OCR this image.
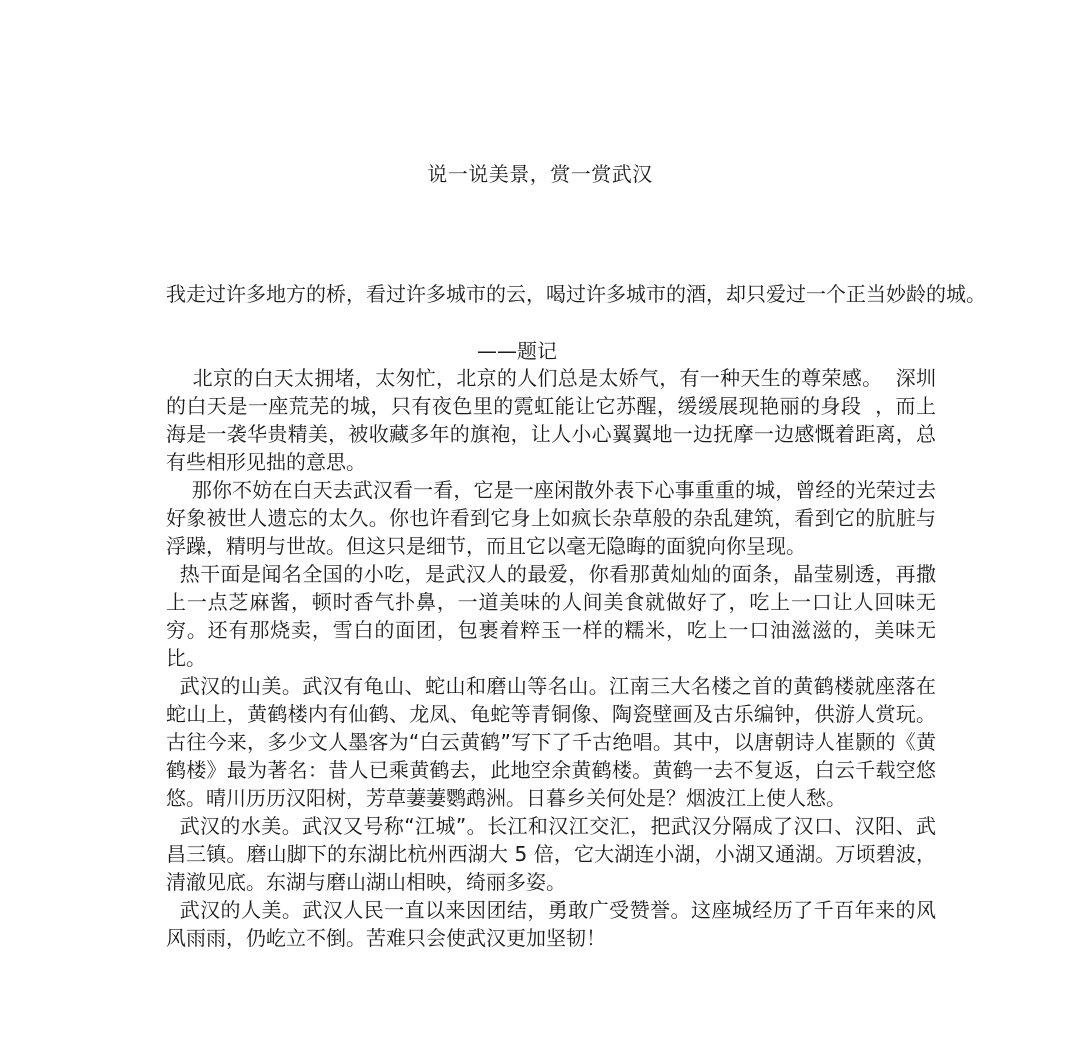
说一说美景，赏一赏武汉
我走过许多地方的桥，看过许多城市的云，喝过许多城市的酒，却只爱过一个正当妙龄的城。
——题记

北京的白天太拥堵，太匆忙，北京的人们总是太娇气，有一种天生的尊荣感。  深圳的白天是一座荒芜的城，只有夜色里的霓虹能让它苏醒，缓缓展现艳丽的身段  ，而上海是一袭华贵精美，被收藏多年的旗袍，让人小心翼翼地一边抚摩一边感慨着距离，总有些相形见拙的意思。

那你不妨在白天去武汉看一看，它是一座闲散外表下心事重重的城，曾经的光荣过去好象被世人遗忘的太久。你也许看到它身上如疯长杂草般的杂乱建筑，看到它的肮脏与浮躁，精明与世故。但这只是细节，而且它以毫无隐晦的面貌向你呈现。

热干面是闻名全国的小吃，是武汉人的最爱，你看那黄灿灿的面条，晶莹剔透，再撒上一点芝麻酱，顿时香气扑鼻，一道美味的人间美食就做好了，吃上一口让人回味无穷。还有那烧卖，雪白的面团，包裹着粹玉一样的糯米，吃上一口油滋滋的，美味无比。

武汉的山美。武汉有龟山、蛇山和磨山等名山。江南三大名楼之首的黄鹤楼就座落在蛇山上，黄鹤楼内有仙鹤、龙凤、龟蛇等青铜像、陶瓷壁画及古乐编钟，供游人赏玩。古往今来，多少文人墨客为“白云黄鹤”写下了千古绝唱。其中，以唐朝诗人崔颢的《黄鹤楼》最为著名：昔人已乘黄鹤去，此地空余黄鹤楼。黄鹤一去不复返，白云千载空悠悠。晴川历历汉阳树，芳草萋萋鹦鹉洲。日暮乡关何处是？烟波江上使人愁。

武汉的水美。武汉又号称“江城”。长江和汉江交汇，把武汉分隔成了汉口、汉阳、武昌三镇。磨山脚下的东湖比杭州西湖大 5 倍，它大湖连小湖，小湖又通湖。万顷碧波，清澈见底。东湖与磨山湖山相映，绮丽多姿。

武汉的人美。武汉人民一直以来因团结，勇敢广受赞誉。这座城经历了千百年来的风风雨雨，仍屹立不倒。苦难只会使武汉更加坚韧！
